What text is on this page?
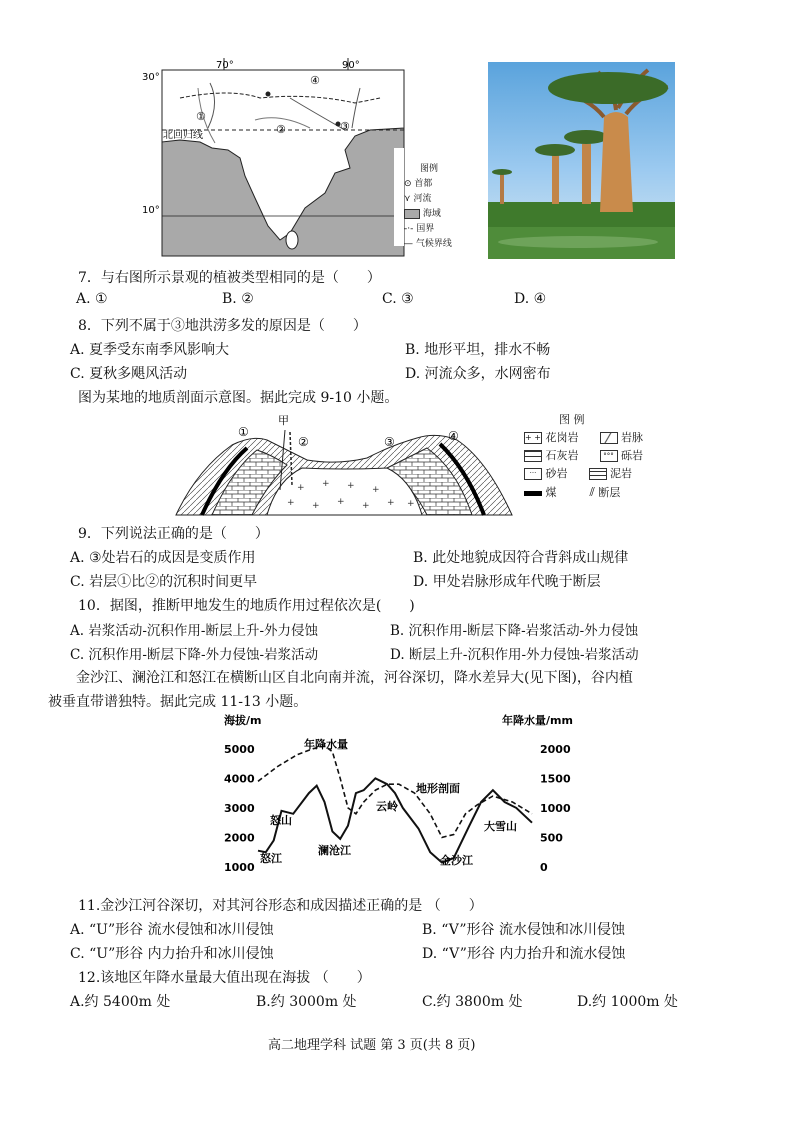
30°
10°
70°	90°
①
②	③
④
北回归线
图例
⊙ 首都
⋎ 河流
海域
-·- 国界
— 气候界线
7．与右图所示景观的植被类型相同的是（　　）
A. ①	B. ②	C. ③	D. ④
8．下列不属于③地洪涝多发的原因是（　　）
A. 夏季受东南季风影响大	B. 地形平坦，排水不畅
C. 夏秋多飓风活动	D. 河流众多，水网密布
图为某地的地质剖面示意图。据此完成 9-10 小题。
+ + + +
+ + + + + +
①
②	③	④
甲	图 例
+ + 花岗岩	岩脉
石灰岩	°°° 砾岩
··· 砂岩	泥岩
煤	⫽ 断层
9．下列说法正确的是（　　）
A. ③处岩石的成因是变质作用	B. 此处地貌成因符合背斜成山规律
C. 岩层①比②的沉积时间更早	D. 甲处岩脉形成年代晚于断层
10．据图，推断甲地发生的地质作用过程依次是(　　)
A. 岩浆活动-沉积作用-断层上升-外力侵蚀	B. 沉积作用-断层下降-岩浆活动-外力侵蚀
C. 沉积作用-断层下降-外力侵蚀-岩浆活动	D. 断层上升-沉积作用-外力侵蚀-岩浆活动
金沙江、澜沧江和怒江在横断山区自北向南并流，河谷深切，降水差异大(见下图)，谷内植
被垂直带谱独特。据此完成 11-13 小题。
海拔/m	年降水量/mm
5000
4000
3000
2000
1000
2000
1500
1000
500
0
年降水量
地形剖面
怒江
怒山
澜沧江
云岭
金沙江
大雪山
11.金沙江河谷深切，对其河谷形态和成因描述正确的是 （　　）
A. “U”形谷 流水侵蚀和冰川侵蚀	B. “V”形谷 流水侵蚀和冰川侵蚀
C. “U”形谷 内力抬升和冰川侵蚀	D. “V”形谷 内力抬升和流水侵蚀
12.该地区年降水量最大值出现在海拔 （　　）
A.约 5400m 处	B.约 3000m 处	C.约 3800m 处	D.约 1000m 处
高二地理学科 试题 第 3 页(共 8 页)
